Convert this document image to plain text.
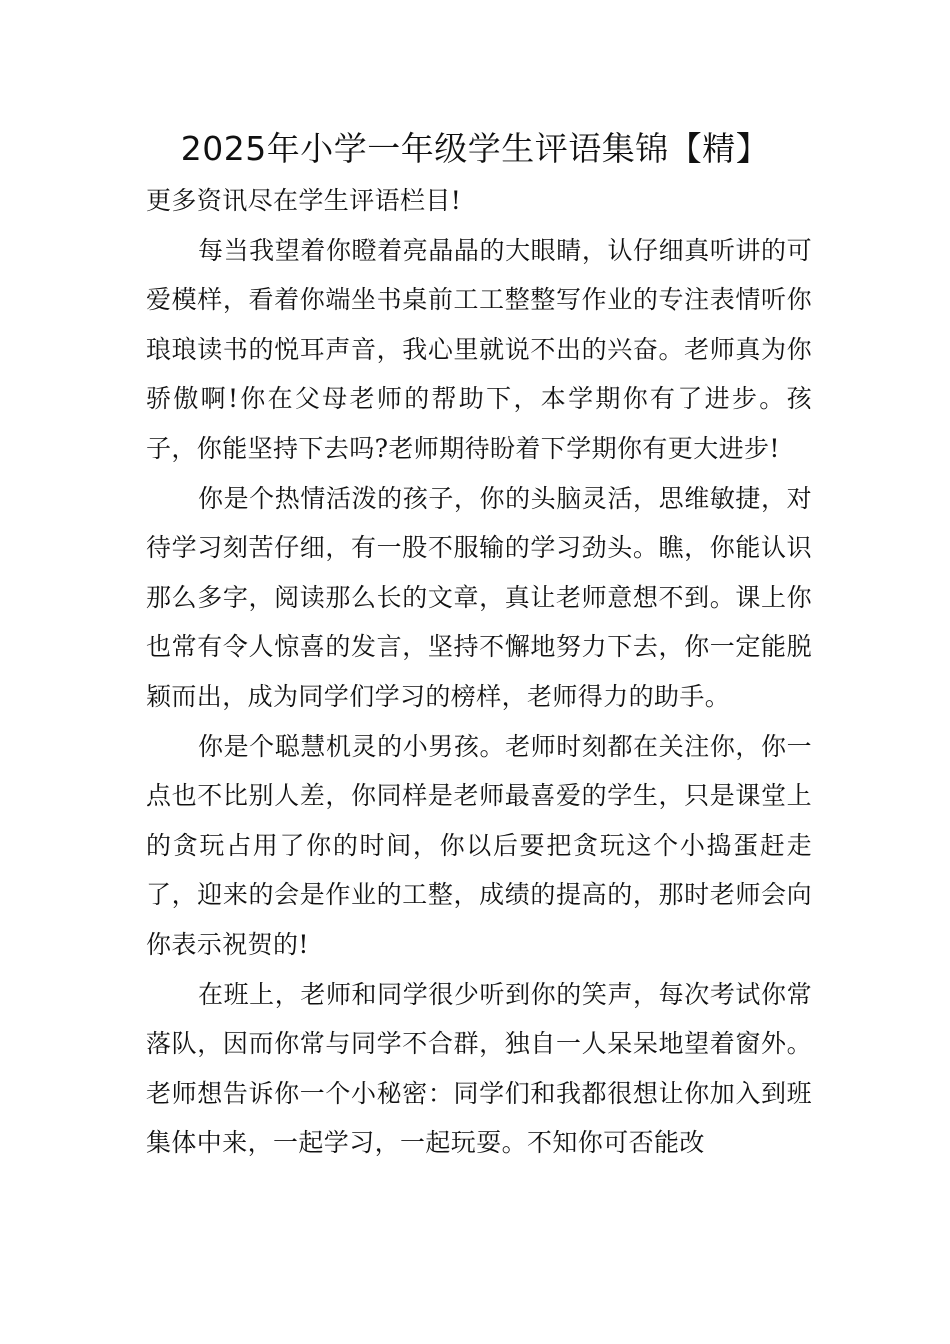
2025年小学一年级学生评语集锦【精】

更多资讯尽在学生评语栏目!

每当我望着你瞪着亮晶晶的大眼睛，认仔细真听讲的可爱模样，看着你端坐书桌前工工整整写作业的专注表情听你琅琅读书的悦耳声音，我心里就说不出的兴奋。老师真为你骄傲啊!你在父母老师的帮助下，本学期你有了进步。孩子，你能坚持下去吗?老师期待盼着下学期你有更大进步!

你是个热情活泼的孩子，你的头脑灵活，思维敏捷，对待学习刻苦仔细，有一股不服输的学习劲头。瞧，你能认识那么多字，阅读那么长的文章，真让老师意想不到。课上你也常有令人惊喜的发言，坚持不懈地努力下去，你一定能脱颖而出，成为同学们学习的榜样，老师得力的助手。

你是个聪慧机灵的小男孩。老师时刻都在关注你，你一点也不比别人差，你同样是老师最喜爱的学生，只是课堂上的贪玩占用了你的时间，你以后要把贪玩这个小捣蛋赶走了，迎来的会是作业的工整，成绩的提高的，那时老师会向你表示祝贺的!

在班上，老师和同学很少听到你的笑声，每次考试你常落队，因而你常与同学不合群，独自一人呆呆地望着窗外。老师想告诉你一个小秘密：同学们和我都很想让你加入到班集体中来，一起学习，一起玩耍。不知你可否能改
